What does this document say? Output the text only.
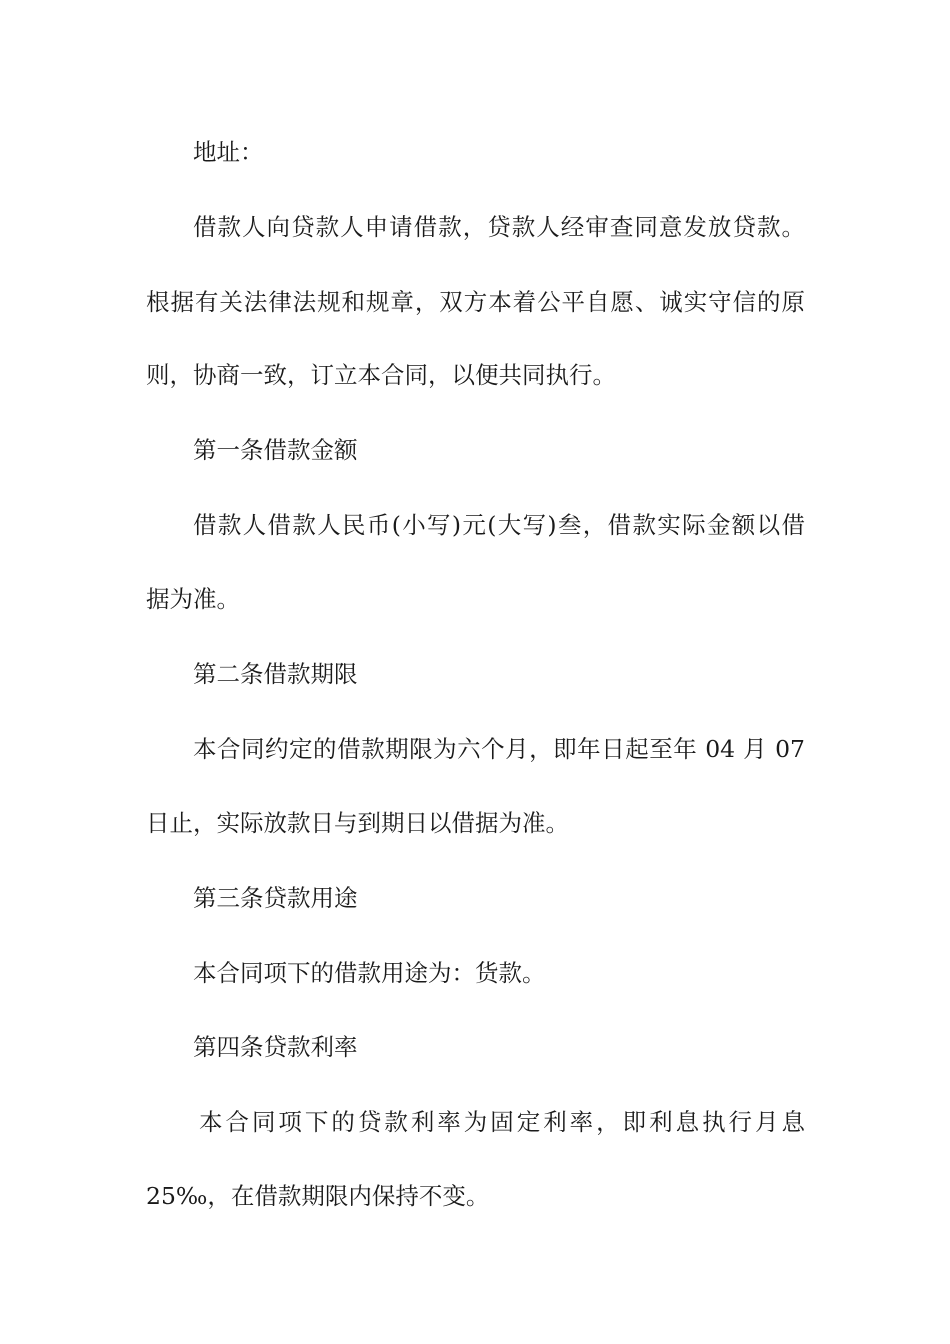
地址：
借款人向贷款人申请借款，贷款人经审查同意发放贷款。
根据有关法律法规和规章，双方本着公平自愿、诚实守信的原
则，协商一致，订立本合同，以便共同执行。
第一条借款金额
借款人借款人民币(小写)元(大写)叁，借款实际金额以借
据为准。
第二条借款期限
本合同约定的借款期限为六个月，即年日起至年 04 月 07
日止，实际放款日与到期日以借据为准。
第三条贷款用途
本合同项下的借款用途为：货款。
第四条贷款利率
本合同项下的贷款利率为固定利率，即利息执行月息
25‰，在借款期限内保持不变。
